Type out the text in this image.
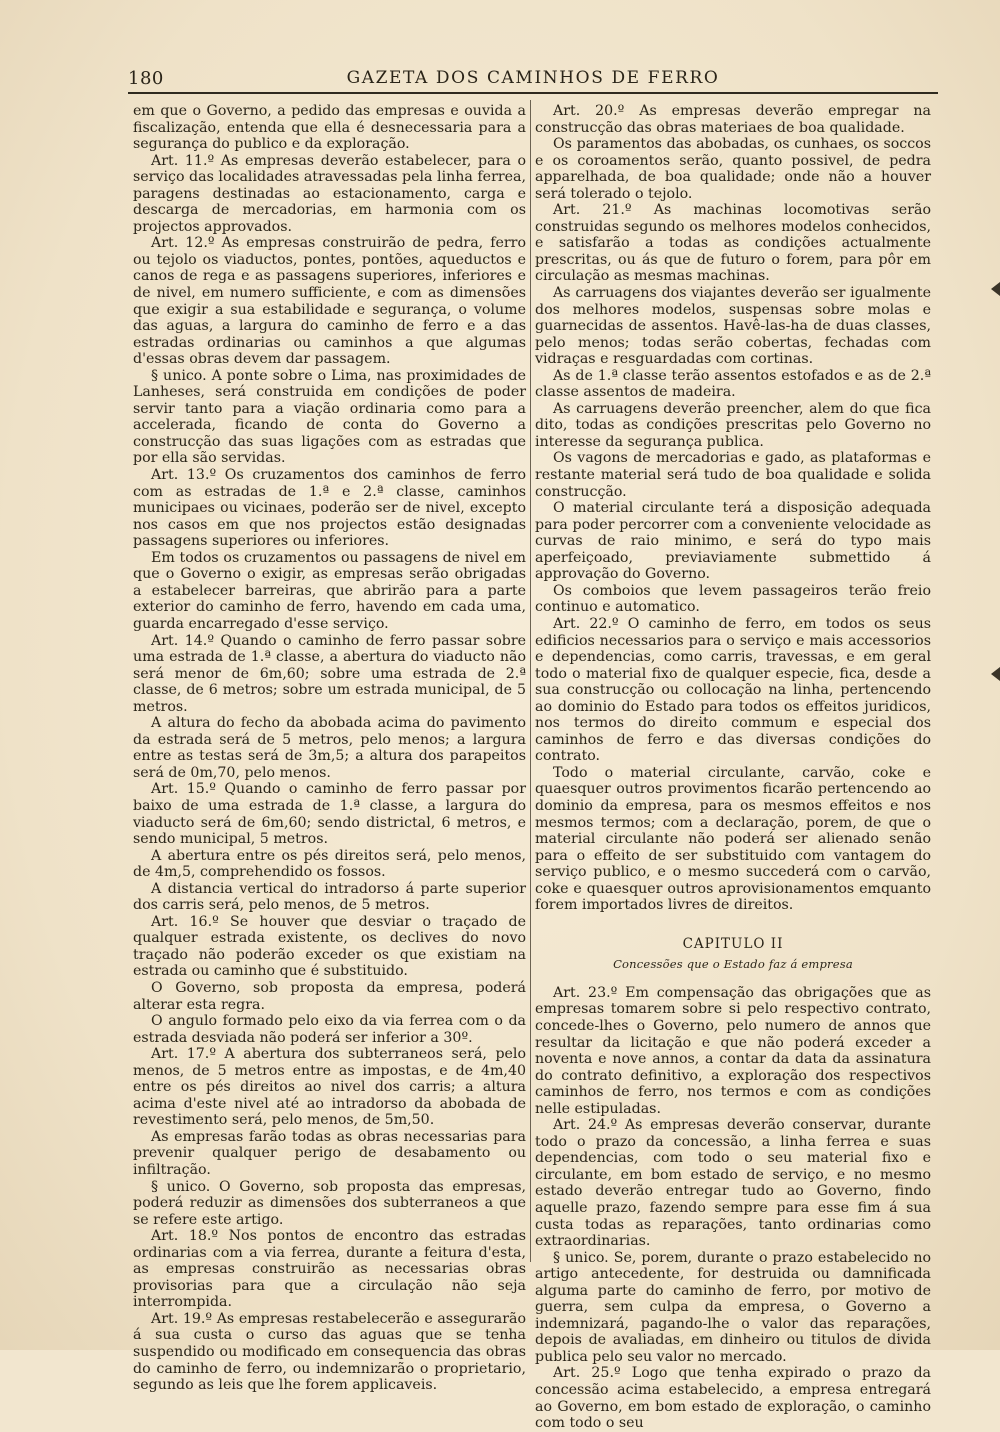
180	GAZETA DOS CAMINHOS DE FERRO

em que o Governo, a pedido das empresas e ouvida a fiscalização, entenda que ella é desnecessaria para a segurança do publico e da exploração.

Art. 11.º As empresas deverão estabelecer, para o serviço das localidades atravessadas pela linha ferrea, paragens destinadas ao estacionamento, carga e descarga de mercadorias, em harmonia com os projectos approvados.

Art. 12.º As empresas construirão de pedra, ferro ou tejolo os viaductos, pontes, pontões, aqueductos e canos de rega e as passagens superiores, inferiores e de nivel, em numero sufficiente, e com as dimensões que exigir a sua estabilidade e segurança, o volume das aguas, a largura do caminho de ferro e a das estradas ordinarias ou caminhos a que algumas d'essas obras devem dar passagem.

§ unico. A ponte sobre o Lima, nas proximidades de Lanheses, será construida em condições de poder servir tanto para a viação ordinaria como para a accelerada, ficando de conta do Governo a construcção das suas ligações com as estradas que por ella são servidas.

Art. 13.º Os cruzamentos dos caminhos de ferro com as estradas de 1.ª e 2.ª classe, caminhos municipaes ou vicinaes, poderão ser de nivel, excepto nos casos em que nos projectos estão designadas passagens superiores ou inferiores.

Em todos os cruzamentos ou passagens de nivel em que o Governo o exigir, as empresas serão obrigadas a estabelecer barreiras, que abrirão para a parte exterior do caminho de ferro, havendo em cada uma, guarda encarregado d'esse serviço.

Art. 14.º Quando o caminho de ferro passar sobre uma estrada de 1.ª classe, a abertura do viaducto não será menor de 6m,60; sobre uma estrada de 2.ª classe, de 6 metros; sobre um estrada municipal, de 5 metros.

A altura do fecho da abobada acima do pavimento da estrada será de 5 metros, pelo menos; a largura entre as testas será de 3m,5; a altura dos parapeitos será de 0m,70, pelo menos.

Art. 15.º Quando o caminho de ferro passar por baixo de uma estrada de 1.ª classe, a largura do viaducto será de 6m,60; sendo districtal, 6 metros, e sendo municipal, 5 metros.

A abertura entre os pés direitos será, pelo menos, de 4m,5, comprehendido os fossos.

A distancia vertical do intradorso á parte superior dos carris será, pelo menos, de 5 metros.

Art. 16.º Se houver que desviar o traçado de qualquer estrada existente, os declives do novo traçado não poderão exceder os que existiam na estrada ou caminho que é substituido.

O Governo, sob proposta da empresa, poderá alterar esta regra.

O angulo formado pelo eixo da via ferrea com o da estrada desviada não poderá ser inferior a 30º.

Art. 17.º A abertura dos subterraneos será, pelo menos, de 5 metros entre as impostas, e de 4m,40 entre os pés direitos ao nivel dos carris; a altura acima d'este nivel até ao intradorso da abobada de revestimento será, pelo menos, de 5m,50.

As empresas farão todas as obras necessarias para prevenir qualquer perigo de desabamento ou infiltração.

§ unico. O Governo, sob proposta das empresas, poderá reduzir as dimensões dos subterraneos a que se refere este artigo.

Art. 18.º Nos pontos de encontro das estradas ordinarias com a via ferrea, durante a feitura d'esta, as empresas construirão as necessarias obras provisorias para que a circulação não seja interrompida.

Art. 19.º As empresas restabelecerão e assegurarão á sua custa o curso das aguas que se tenha suspendido ou modificado em consequencia das obras do caminho de ferro, ou indemnizarão o proprietario, segundo as leis que lhe forem applicaveis.

Art. 20.º As empresas deverão empregar na construcção das obras materiaes de boa qualidade.

Os paramentos das abobadas, os cunhaes, os soccos e os coroamentos serão, quanto possivel, de pedra apparelhada, de boa qualidade; onde não a houver será tolerado o tejolo.

Art. 21.º As machinas locomotivas serão construidas segundo os melhores modelos conhecidos, e satisfarão a todas as condições actualmente prescritas, ou ás que de futuro o forem, para pôr em circulação as mesmas machinas.

As carruagens dos viajantes deverão ser igualmente dos melhores modelos, suspensas sobre molas e guarnecidas de assentos. Havê-las-ha de duas classes, pelo menos; todas serão cobertas, fechadas com vidraças e resguardadas com cortinas.

As de 1.ª classe terão assentos estofados e as de 2.ª classe assentos de madeira.

As carruagens deverão preencher, alem do que fica dito, todas as condições prescritas pelo Governo no interesse da segurança publica.

Os vagons de mercadorias e gado, as plataformas e restante material será tudo de boa qualidade e solida construcção.

O material circulante terá a disposição adequada para poder percorrer com a conveniente velocidade as curvas de raio minimo, e será do typo mais aperfeiçoado, previaviamente submettido á approvação do Governo.

Os comboios que levem passageiros terão freio continuo e automatico.

Art. 22.º O caminho de ferro, em todos os seus edificios necessarios para o serviço e mais accessorios e dependencias, como carris, travessas, e em geral todo o material fixo de qualquer especie, fica, desde a sua construcção ou collocação na linha, pertencendo ao dominio do Estado para todos os effeitos juridicos, nos termos do direito commum e especial dos caminhos de ferro e das diversas condições do contrato.

Todo o material circulante, carvão, coke e quaesquer outros provimentos ficarão pertencendo ao dominio da empresa, para os mesmos effeitos e nos mesmos termos; com a declaração, porem, de que o material circulante não poderá ser alienado senão para o effeito de ser substituido com vantagem do serviço publico, e o mesmo succederá com o carvão, coke e quaesquer outros aprovisionamentos emquanto forem importados livres de direitos.

CAPITULO II
Concessões que o Estado faz á empresa

Art. 23.º Em compensação das obrigações que as empresas tomarem sobre si pelo respectivo contrato, concede-lhes o Governo, pelo numero de annos que resultar da licitação e que não poderá exceder a noventa e nove annos, a contar da data da assinatura do contrato definitivo, a exploração dos respectivos caminhos de ferro, nos termos e com as condições nelle estipuladas.

Art. 24.º As empresas deverão conservar, durante todo o prazo da concessão, a linha ferrea e suas dependencias, com todo o seu material fixo e circulante, em bom estado de serviço, e no mesmo estado deverão entregar tudo ao Governo, findo aquelle prazo, fazendo sempre para esse fim á sua custa todas as reparações, tanto ordinarias como extraordinarias.

§ unico. Se, porem, durante o prazo estabelecido no artigo antecedente, for destruida ou damnificada alguma parte do caminho de ferro, por motivo de guerra, sem culpa da empresa, o Governo a indemnizará, pagando-lhe o valor das reparações, depois de avaliadas, em dinheiro ou titulos de divida publica pelo seu valor no mercado.

Art. 25.º Logo que tenha expirado o prazo da concessão acima estabelecido, a empresa entregará ao Governo, em bom estado de exploração, o caminho com todo o seu
